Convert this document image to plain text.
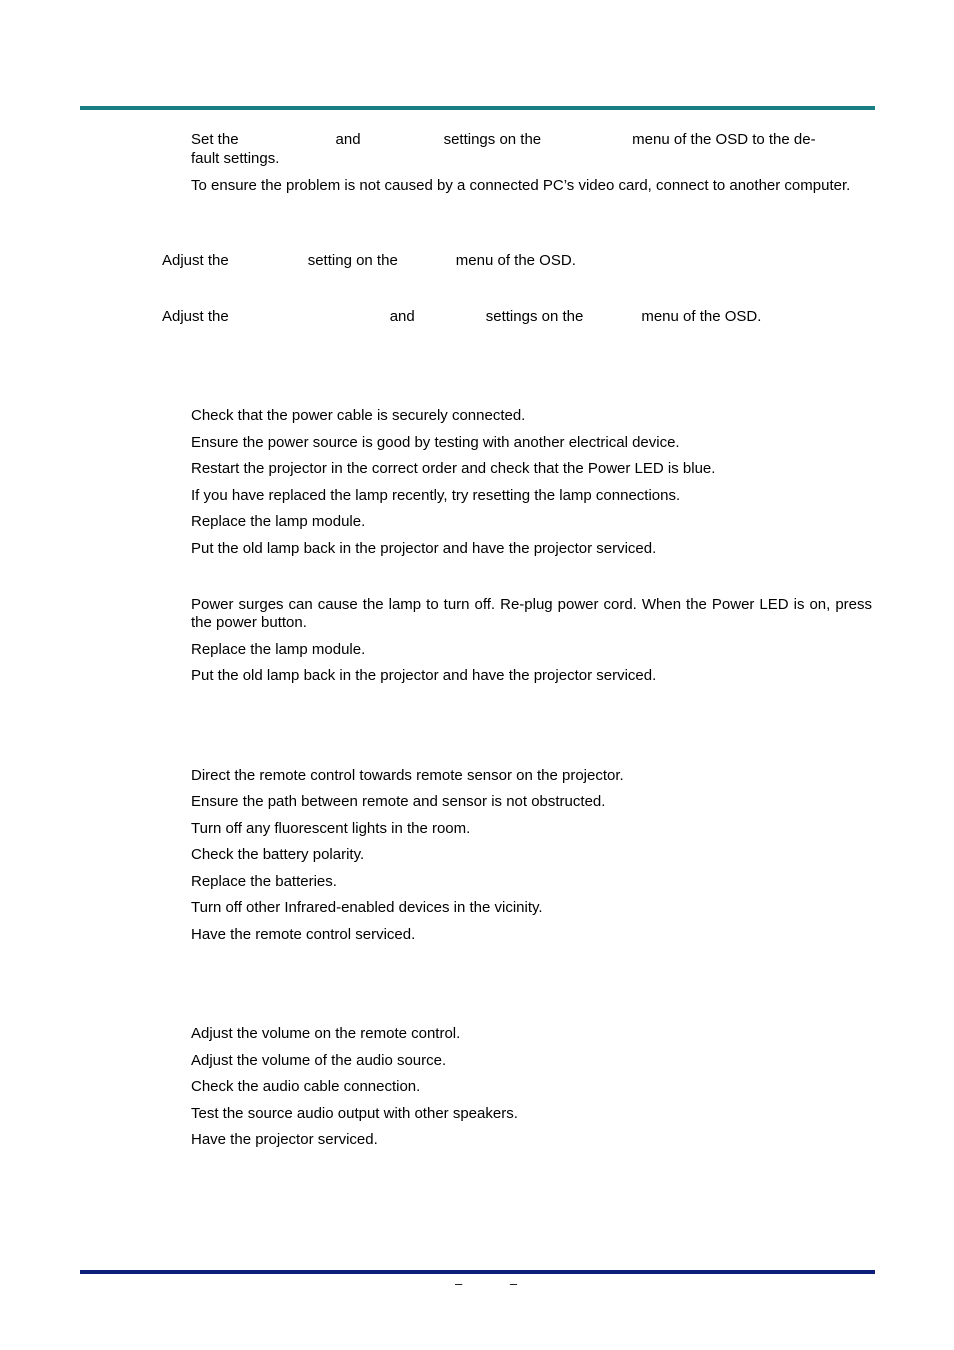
Set the	and	settings on the	menu of the OSD to the de-
fault settings.
To ensure the problem is not caused by a connected PC’s video card, connect to another computer.
Adjust the	setting on the	menu of the OSD.
Adjust the	and	settings on the	menu of the OSD.
Check that the power cable is securely connected.
Ensure the power source is good by testing with another electrical device.
Restart the projector in the correct order and check that the Power LED is blue.
If you have replaced the lamp recently, try resetting the lamp connections.
Replace the lamp module.
Put the old lamp back in the projector and have the projector serviced.
Power surges can cause the lamp to turn off. Re-plug power cord. When the Power LED is on, press the power button.
Replace the lamp module.
Put the old lamp back in the projector and have the projector serviced.
Direct the remote control towards remote sensor on the projector.
Ensure the path between remote and sensor is not obstructed.
Turn off any fluorescent lights in the room.
Check the battery polarity.
Replace the batteries.
Turn off other Infrared-enabled devices in the vicinity.
Have the remote control serviced.
Adjust the volume on the remote control.
Adjust the volume of the audio source.
Check the audio cable connection.
Test the source audio output with other speakers.
Have the projector serviced.
– –
